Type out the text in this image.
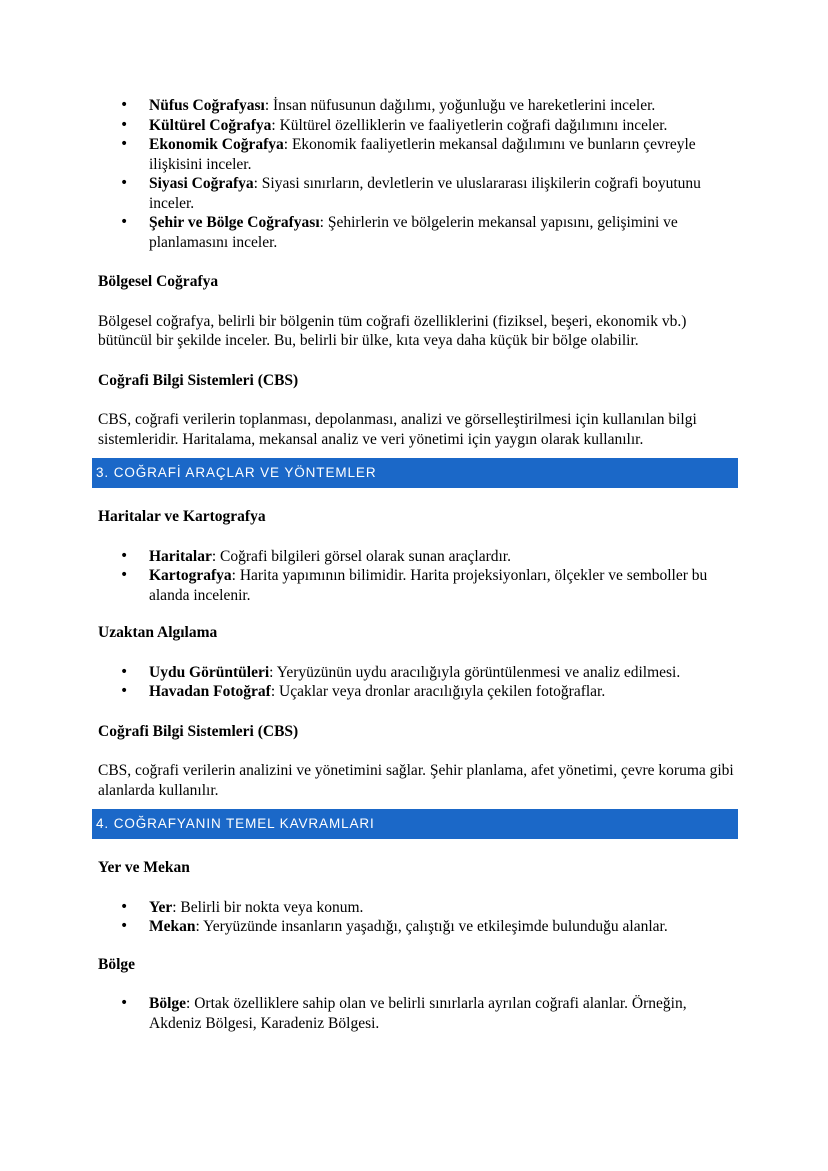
• Nüfus Coğrafyası: İnsan nüfusunun dağılımı, yoğunluğu ve hareketlerini inceler.
• Kültürel Coğrafya: Kültürel özelliklerin ve faaliyetlerin coğrafi dağılımını inceler.
• Ekonomik Coğrafya: Ekonomik faaliyetlerin mekansal dağılımını ve bunların çevreyle ilişkisini inceler.
• Siyasi Coğrafya: Siyasi sınırların, devletlerin ve uluslararası ilişkilerin coğrafi boyutunu inceler.
• Şehir ve Bölge Coğrafyası: Şehirlerin ve bölgelerin mekansal yapısını, gelişimini ve planlamasını inceler.
Bölgesel Coğrafya
Bölgesel coğrafya, belirli bir bölgenin tüm coğrafi özelliklerini (fiziksel, beşeri, ekonomik vb.) bütüncül bir şekilde inceler. Bu, belirli bir ülke, kıta veya daha küçük bir bölge olabilir.
Coğrafi Bilgi Sistemleri (CBS)
CBS, coğrafi verilerin toplanması, depolanması, analizi ve görselleştirilmesi için kullanılan bilgi sistemleridir. Haritalama, mekansal analiz ve veri yönetimi için yaygın olarak kullanılır.
3. COĞRAFİ ARAÇLAR VE YÖNTEMLER
Haritalar ve Kartografya
• Haritalar: Coğrafi bilgileri görsel olarak sunan araçlardır.
• Kartografya: Harita yapımının bilimidir. Harita projeksiyonları, ölçekler ve semboller bu alanda incelenir.
Uzaktan Algılama
• Uydu Görüntüleri: Yeryüzünün uydu aracılığıyla görüntülenmesi ve analiz edilmesi.
• Havadan Fotoğraf: Uçaklar veya dronlar aracılığıyla çekilen fotoğraflar.
Coğrafi Bilgi Sistemleri (CBS)
CBS, coğrafi verilerin analizini ve yönetimini sağlar. Şehir planlama, afet yönetimi, çevre koruma gibi alanlarda kullanılır.
4. COĞRAFYANIN TEMEL KAVRAMLARI
Yer ve Mekan
• Yer: Belirli bir nokta veya konum.
• Mekan: Yeryüzünde insanların yaşadığı, çalıştığı ve etkileşimde bulunduğu alanlar.
Bölge
• Bölge: Ortak özelliklere sahip olan ve belirli sınırlarla ayrılan coğrafi alanlar. Örneğin, Akdeniz Bölgesi, Karadeniz Bölgesi.
